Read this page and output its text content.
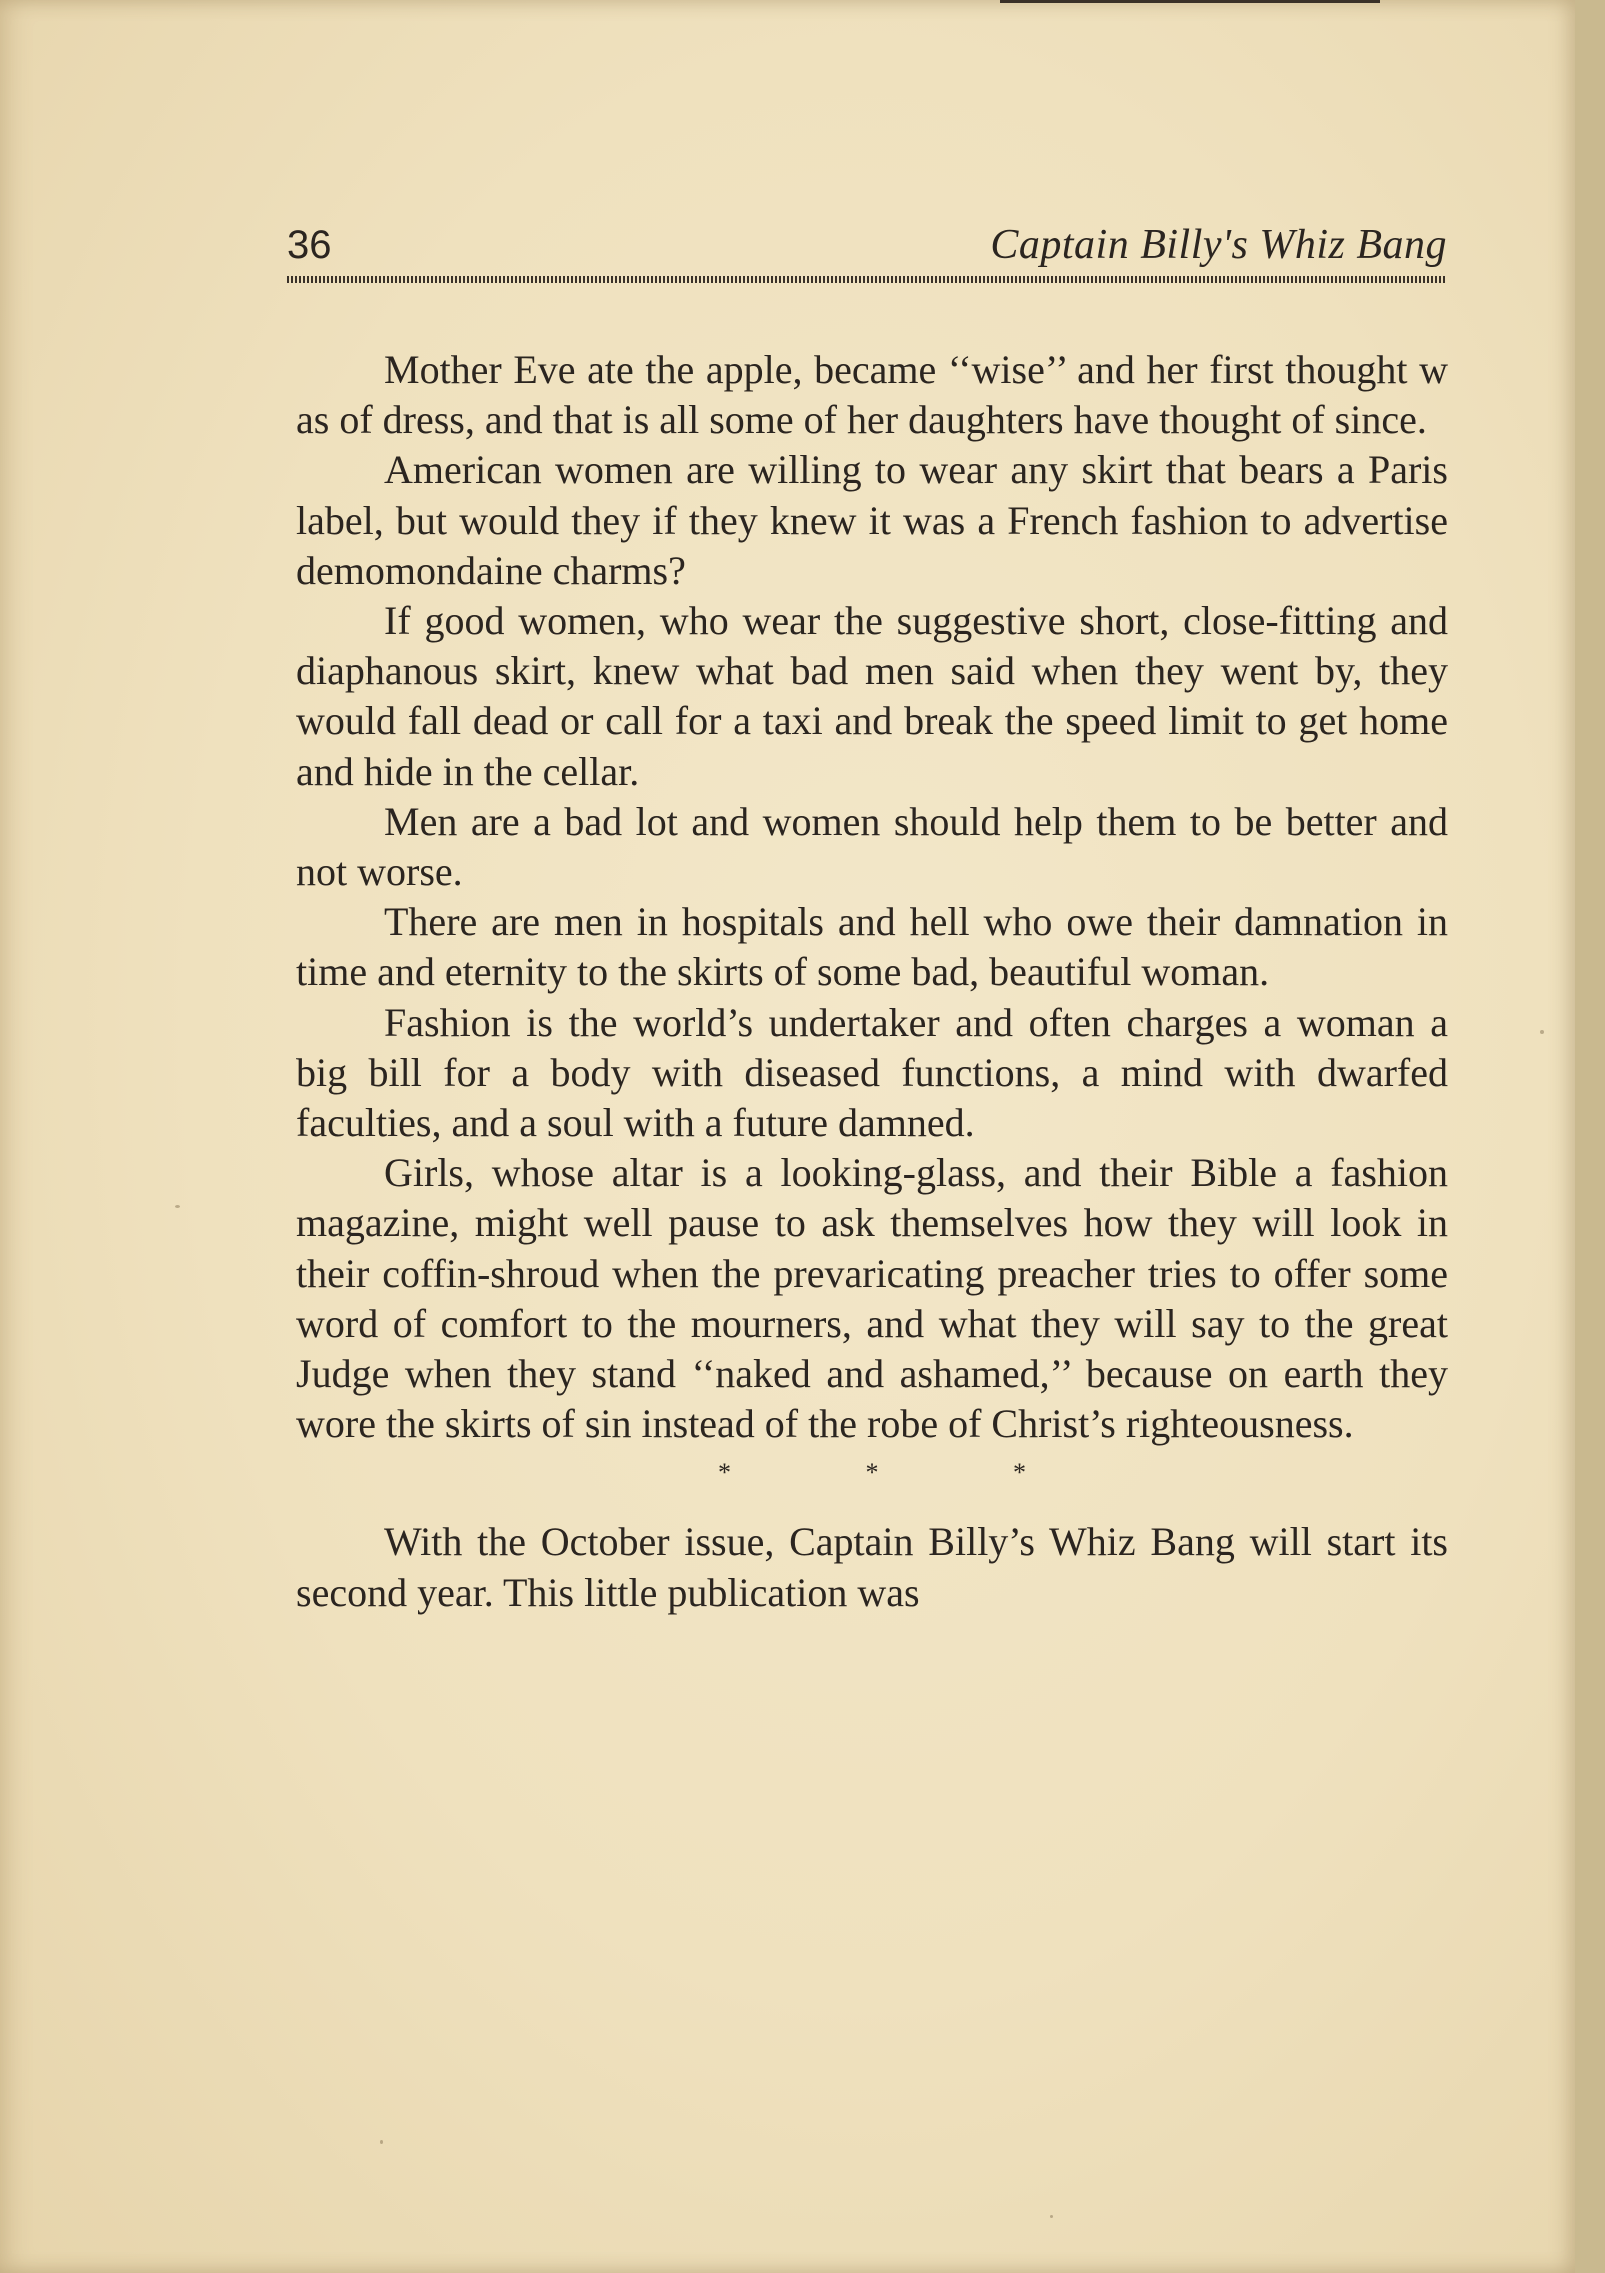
36	Captain Billy's Whiz Bang

Mother Eve ate the apple, became ‘‘wise’’ and her first thought w as of dress, and that is all some of her daughters have thought of since.

American women are willing to wear any skirt that bears a Paris label, but would they if they knew it was a French fashion to advertise demomondaine charms?

If good women, who wear the suggestive short, close-fitting and diaphanous skirt, knew what bad men said when they went by, they would fall dead or call for a taxi and break the speed limit to get home and hide in the cellar.

Men are a bad lot and women should help them to be better and not worse.

There are men in hospitals and hell who owe their damnation in time and eternity to the skirts of some bad, beautiful woman.

Fashion is the world’s undertaker and often charges a woman a big bill for a body with diseased functions, a mind with dwarfed faculties, and a soul with a future damned.

Girls, whose altar is a looking-glass, and their Bible a fashion magazine, might well pause to ask themselves how they will look in their coffin-shroud when the prevaricating preacher tries to offer some word of comfort to the mourners, and what they will say to the great Judge when they stand ‘‘naked and ashamed,’’ because on earth they wore the skirts of sin instead of the robe of Christ’s righteousness.

* * *

With the October issue, Captain Billy’s Whiz Bang will start its second year. This little publication was
